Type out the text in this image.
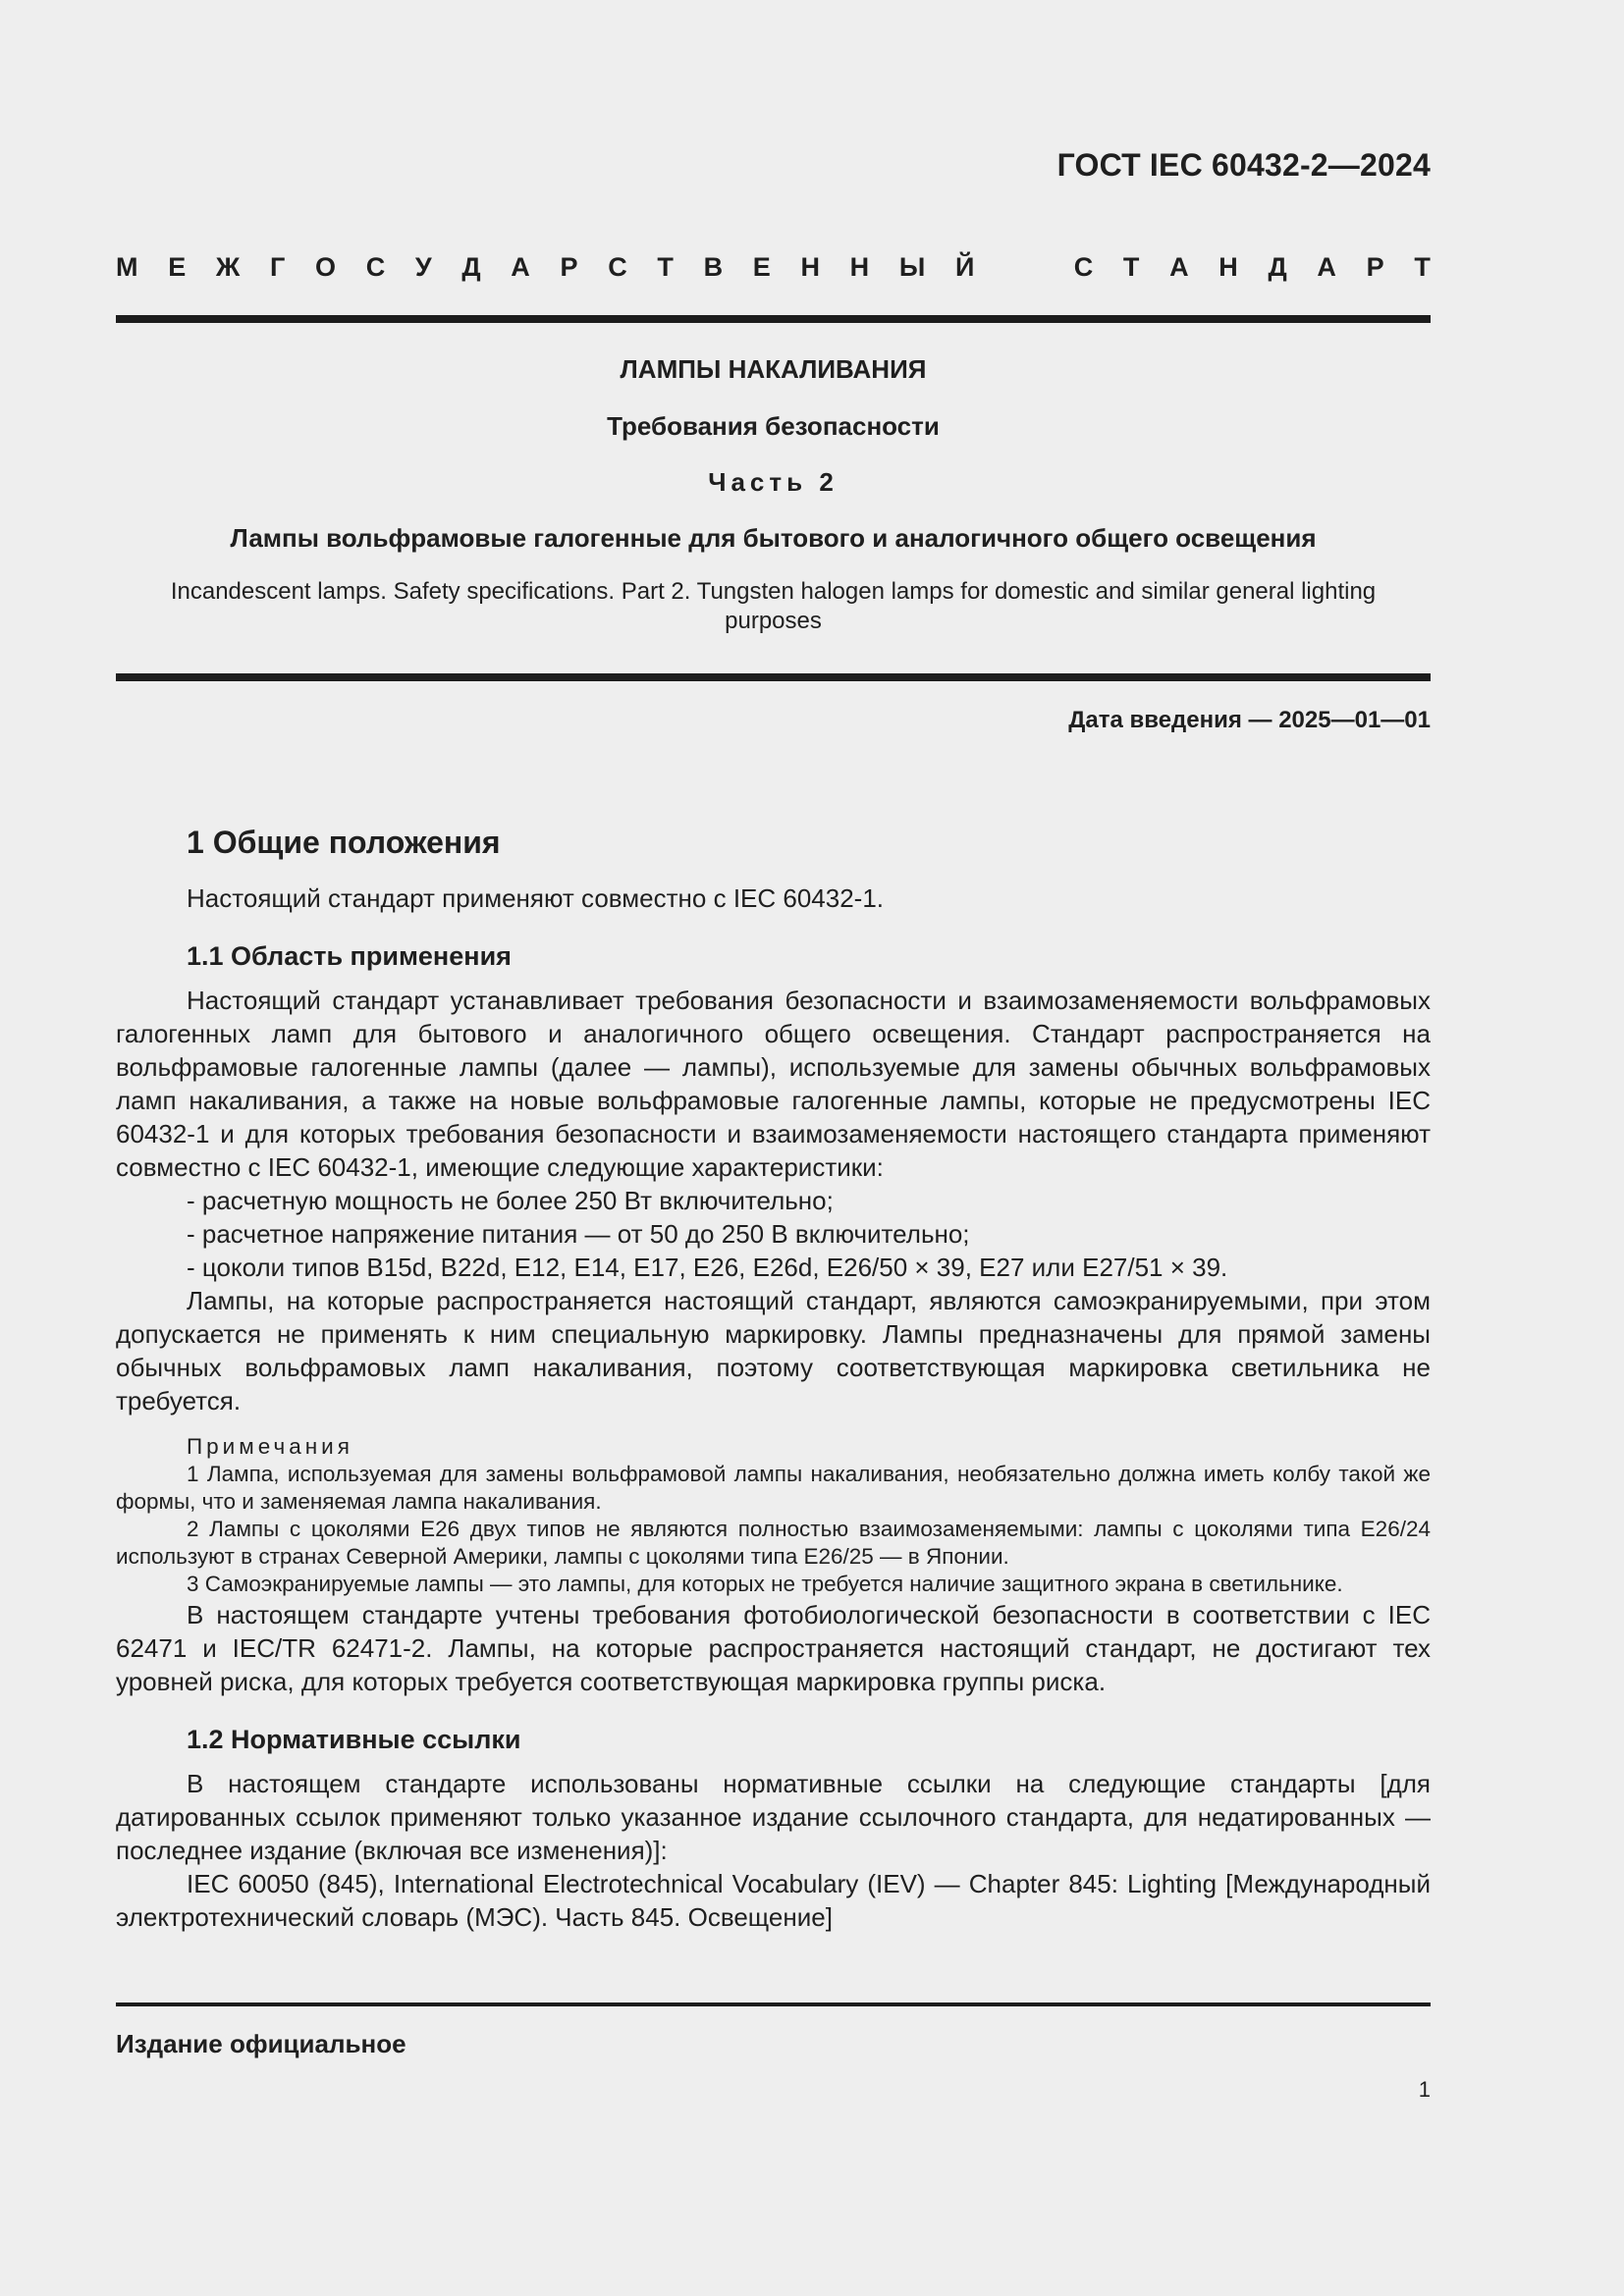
ГОСТ IEC 60432-2—2024
М Е Ж Г О С У Д А Р С Т В Е Н Н Ы Й	С Т А Н Д А Р Т
ЛАМПЫ НАКАЛИВАНИЯ
Требования безопасности
Часть 2
Лампы вольфрамовые галогенные для бытового и аналогичного общего освещения
Incandescent lamps. Safety specifications. Part 2. Tungsten halogen lamps for domestic and similar general lighting purposes
Дата введения — 2025—01—01
1 Общие положения

Настоящий стандарт применяют совместно с IEC 60432-1.

1.1 Область применения

Настоящий стандарт устанавливает требования безопасности и взаимозаменяемости вольфрамовых галогенных ламп для бытового и аналогичного общего освещения. Стандарт распространяется на вольфрамовые галогенные лампы (далее — лампы), используемые для замены обычных вольфрамовых ламп накаливания, а также на новые вольфрамовые галогенные лампы, которые не предусмотрены IEC 60432-1 и для которых требования безопасности и взаимозаменяемости настоящего стандарта применяют совместно с IEC 60432-1, имеющие следующие характеристики:

- расчетную мощность не более 250 Вт включительно;
- расчетное напряжение питания — от 50 до 250 В включительно;
- цоколи типов B15d, B22d, E12, E14, E17, E26, E26d, E26/50 × 39, E27 или E27/51 × 39.

Лампы, на которые распространяется настоящий стандарт, являются самоэкранируемыми, при этом допускается не применять к ним специальную маркировку. Лампы предназначены для прямой замены обычных вольфрамовых ламп накаливания, поэтому соответствующая маркировка светильника не требуется.

Примечания

1 Лампа, используемая для замены вольфрамовой лампы накаливания, необязательно должна иметь колбу такой же формы, что и заменяемая лампа накаливания.

2 Лампы с цоколями E26 двух типов не являются полностью взаимозаменяемыми: лампы с цоколями типа E26/24 используют в странах Северной Америки, лампы с цоколями типа E26/25 — в Японии.

3 Самоэкранируемые лампы — это лампы, для которых не требуется наличие защитного экрана в светильнике.

В настоящем стандарте учтены требования фотобиологической безопасности в соответствии с IEC 62471 и IEC/TR 62471-2. Лампы, на которые распространяется настоящий стандарт, не достигают тех уровней риска, для которых требуется соответствующая маркировка группы риска.

1.2 Нормативные ссылки

В настоящем стандарте использованы нормативные ссылки на следующие стандарты [для датированных ссылок применяют только указанное издание ссылочного стандарта, для недатированных — последнее издание (включая все изменения)]:

IEC 60050 (845), International Electrotechnical Vocabulary (IEV) — Chapter 845: Lighting [Международный электротехнический словарь (МЭС). Часть 845. Освещение]

Издание официальное
1
